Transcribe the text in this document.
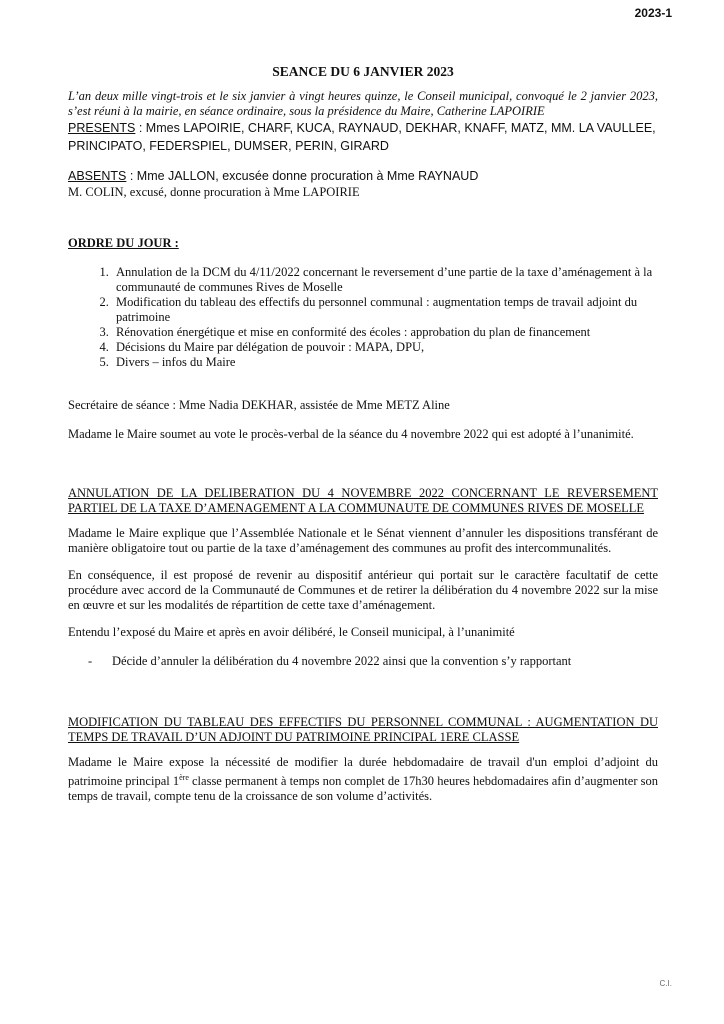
2023-1
SEANCE DU 6 JANVIER 2023

L’an deux mille vingt-trois et le six janvier à vingt heures quinze, le Conseil municipal, convoqué le 2 janvier 2023, s’est réuni à la mairie, en séance ordinaire, sous la présidence du Maire, Catherine LAPOIRIE

PRESENTS : Mmes LAPOIRIE, CHARF, KUCA, RAYNAUD, DEKHAR, KNAFF, MATZ, MM. LA VAULLEE, PRINCIPATO, FEDERSPIEL, DUMSER, PERIN, GIRARD

ABSENTS : Mme JALLON, excusée donne procuration à Mme RAYNAUD

M. COLIN, excusé, donne procuration à Mme LAPOIRIE

ORDRE DU JOUR :
1. Annulation de la DCM du 4/11/2022 concernant le reversement d’une partie de la taxe d’aménagement à la communauté de communes Rives de Moselle
2. Modification du tableau des effectifs du personnel communal : augmentation temps de travail adjoint du patrimoine
3. Rénovation énergétique et mise en conformité des écoles : approbation du plan de financement
4. Décisions du Maire par délégation de pouvoir : MAPA, DPU,
5. Divers – infos du Maire

Secrétaire de séance : Mme Nadia DEKHAR, assistée de Mme METZ Aline

Madame le Maire soumet au vote le procès-verbal de la séance du 4 novembre 2022 qui est adopté à l’unanimité.

ANNULATION DE LA DELIBERATION DU 4 NOVEMBRE 2022 CONCERNANT LE REVERSEMENT PARTIEL DE LA TAXE D’AMENAGEMENT A LA COMMUNAUTE DE COMMUNES RIVES DE MOSELLE

Madame le Maire explique que l’Assemblée Nationale et le Sénat viennent d’annuler les dispositions transférant de manière obligatoire tout ou partie de la taxe d’aménagement des communes au profit des intercommunalités.

En conséquence, il est proposé de revenir au dispositif antérieur qui portait sur le caractère facultatif de cette procédure avec accord de la Communauté de Communes et de retirer la délibération du 4 novembre 2022 sur la mise en œuvre et sur les modalités de répartition de cette taxe d’aménagement.

Entendu l’exposé du Maire et après en avoir délibéré, le Conseil municipal, à l’unanimité

- Décide d’annuler la délibération du 4 novembre 2022 ainsi que la convention s’y rapportant

MODIFICATION DU TABLEAU DES EFFECTIFS DU PERSONNEL COMMUNAL : AUGMENTATION DU TEMPS DE TRAVAIL D’UN ADJOINT DU PATRIMOINE PRINCIPAL 1ERE CLASSE

Madame le Maire expose la nécessité de modifier la durée hebdomadaire de travail d'un emploi d’adjoint du patrimoine principal 1ère classe permanent à temps non complet de 17h30 heures hebdomadaires afin d’augmenter son temps de travail, compte tenu de la croissance de son volume d’activités.

C.I.
